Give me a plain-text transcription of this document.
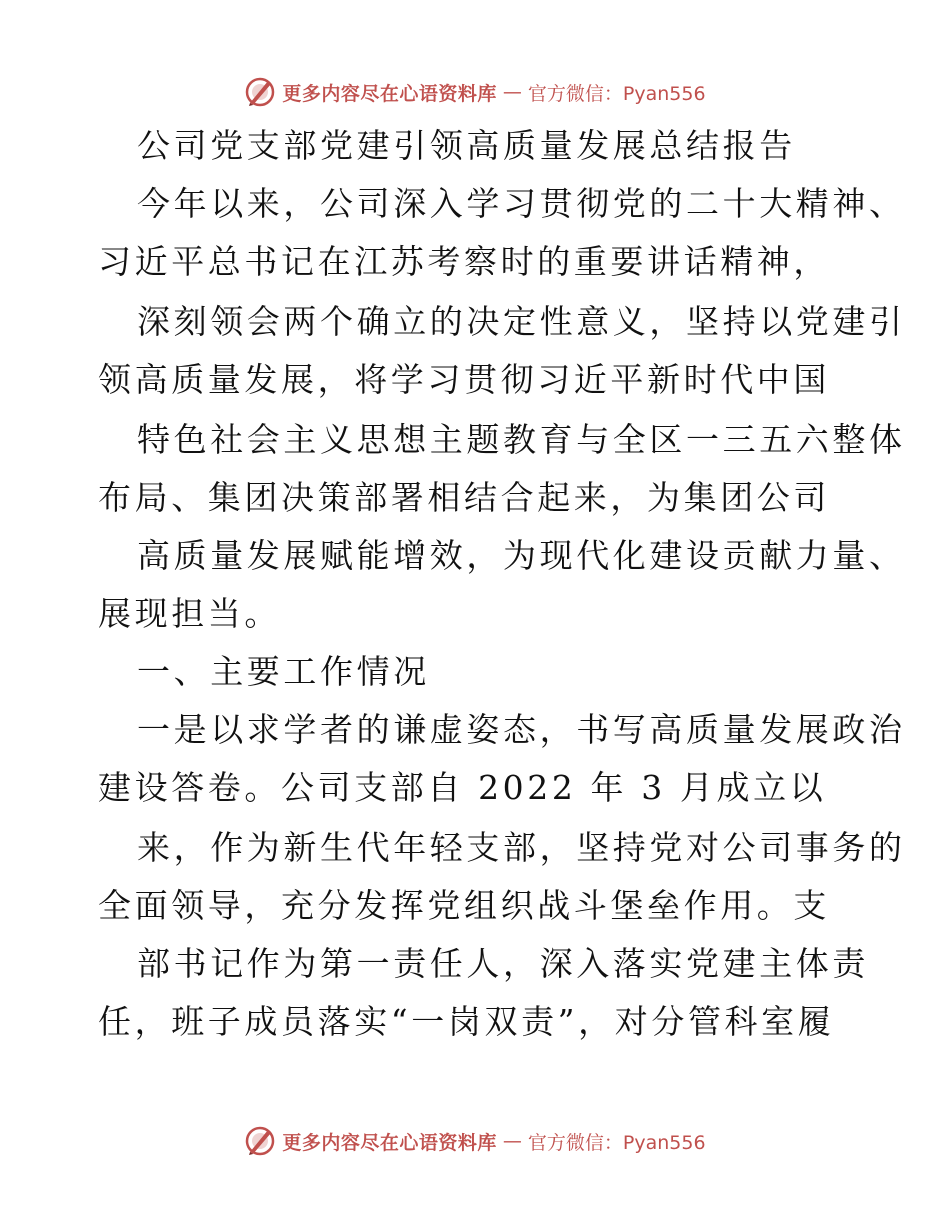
更多内容尽在心语资料库 — 官方微信：Pyan556
公司党支部党建引领高质量发展总结报告
今年以来，公司深入学习贯彻党的二十大精神、
习近平总书记在江苏考察时的重要讲话精神，
深刻领会两个确立的决定性意义，坚持以党建引
领高质量发展，将学习贯彻习近平新时代中国
特色社会主义思想主题教育与全区一三五六整体
布局、集团决策部署相结合起来，为集团公司
高质量发展赋能增效，为现代化建设贡献力量、
展现担当。
一、主要工作情况
一是以求学者的谦虚姿态，书写高质量发展政治
建设答卷。公司支部自 2022 年 3 月成立以
来，作为新生代年轻支部，坚持党对公司事务的
全面领导，充分发挥党组织战斗堡垒作用。支
部书记作为第一责任人，深入落实党建主体责
任，班子成员落实“一岗双责”，对分管科室履
更多内容尽在心语资料库 — 官方微信：Pyan556
